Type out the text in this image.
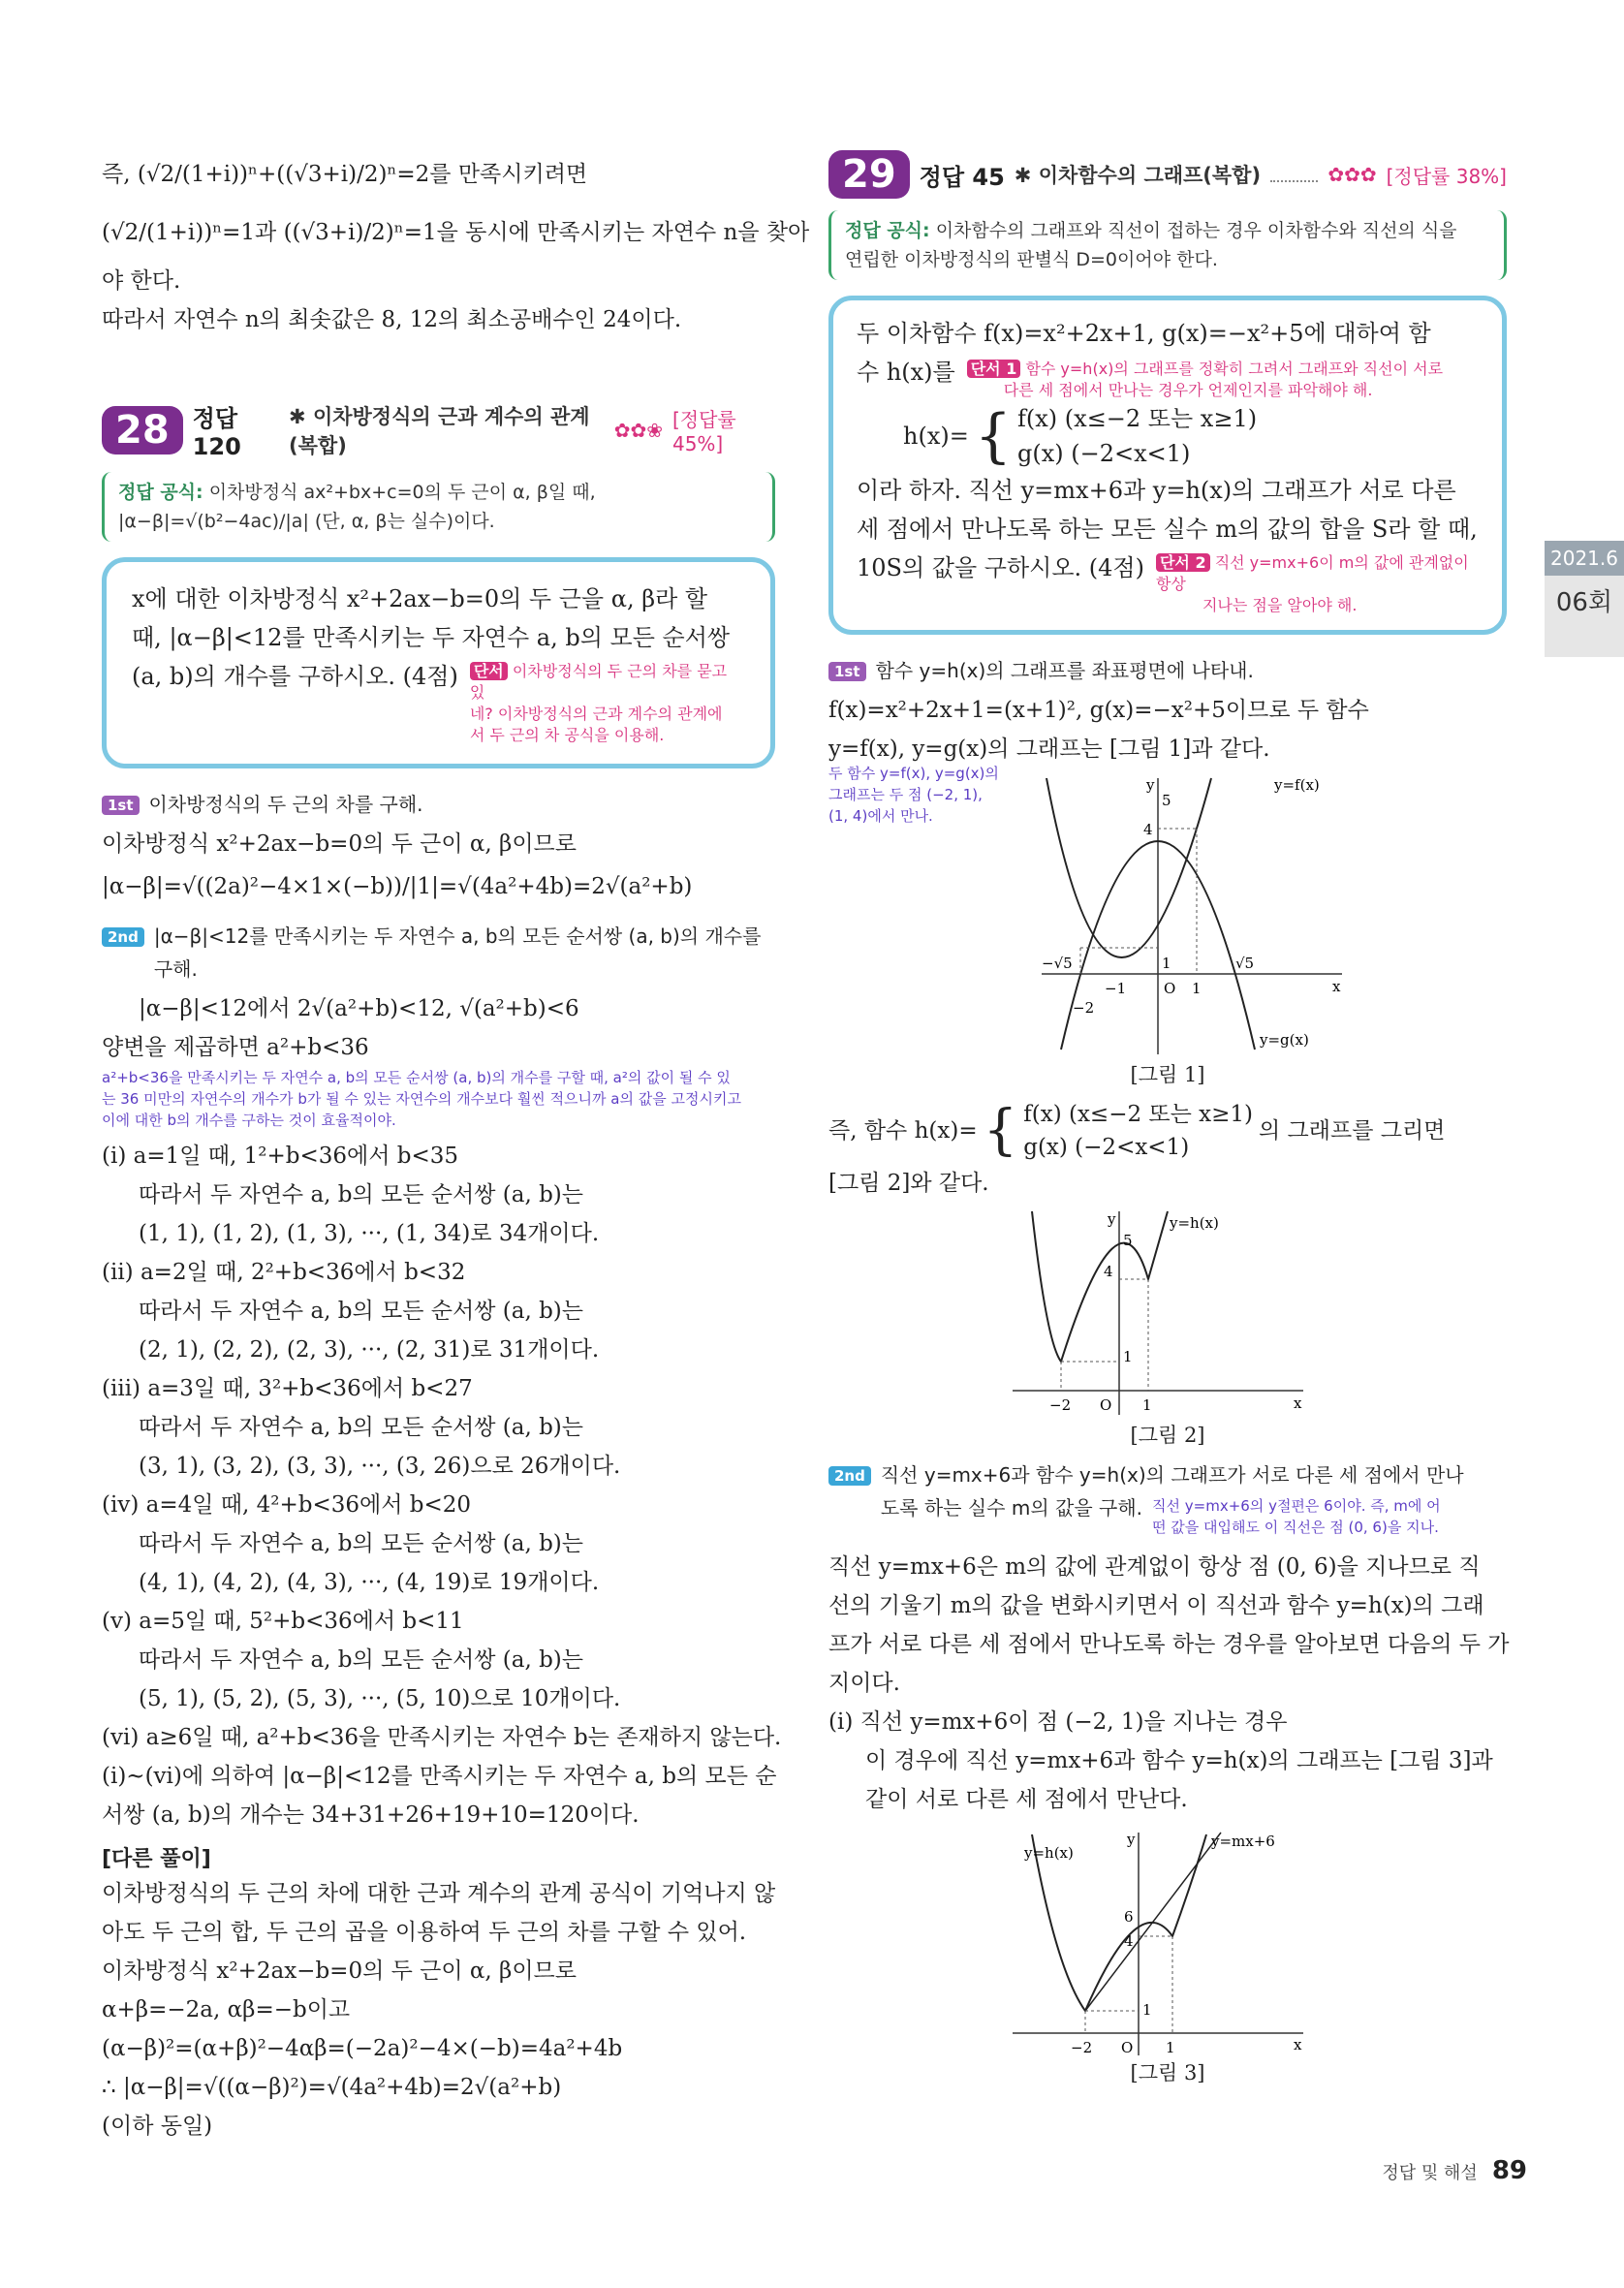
2021.6
06회
즉, (√2/(1+i))ⁿ+((√3+i)/2)ⁿ=2를 만족시키려면
(√2/(1+i))ⁿ=1과 ((√3+i)/2)ⁿ=1을 동시에 만족시키는 자연수 n을 찾아
야 한다.
따라서 자연수 n의 최솟값은 8, 12의 최소공배수인 24이다.
28	정답 120
✱ 이차방정식의 근과 계수의 관계(복합)
✿✿❀ [정답률 45%]
정답 공식: 이차방정식 ax²+bx+c=0의 두 근이 α, β일 때,
|α−β|=√(b²−4ac)/|a| (단, α, β는 실수)이다.
x에 대한 이차방정식 x²+2ax−b=0의 두 근을 α, β라 할
때, |α−β|<12를 만족시키는 두 자연수 a, b의 모든 순서쌍
(a, b)의 개수를 구하시오. (4점) 단서 이차방정식의 두 근의 차를 묻고 있
네? 이차방정식의 근과 계수의 관계에
서 두 근의 차 공식을 이용해.
1st 이차방정식의 두 근의 차를 구해.
이차방정식 x²+2ax−b=0의 두 근이 α, β이므로
|α−β|=√((2a)²−4×1×(−b))/|1|=√(4a²+4b)=2√(a²+b)
2nd |α−β|<12를 만족시키는 두 자연수 a, b의 모든 순서쌍 (a, b)의 개수를 구해.
|α−β|<12에서 2√(a²+b)<12, √(a²+b)<6
양변을 제곱하면 a²+b<36
a²+b<36을 만족시키는 두 자연수 a, b의 모든 순서쌍 (a, b)의 개수를 구할 때, a²의 값이 될 수 있
는 36 미만의 자연수의 개수가 b가 될 수 있는 자연수의 개수보다 훨씬 적으니까 a의 값을 고정시키고
이에 대한 b의 개수를 구하는 것이 효율적이야.
(ⅰ) a=1일 때, 1²+b<36에서 b<35
따라서 두 자연수 a, b의 모든 순서쌍 (a, b)는
(1, 1), (1, 2), (1, 3), ···, (1, 34)로 34개이다.
(ⅱ) a=2일 때, 2²+b<36에서 b<32
따라서 두 자연수 a, b의 모든 순서쌍 (a, b)는
(2, 1), (2, 2), (2, 3), ···, (2, 31)로 31개이다.
(ⅲ) a=3일 때, 3²+b<36에서 b<27
따라서 두 자연수 a, b의 모든 순서쌍 (a, b)는
(3, 1), (3, 2), (3, 3), ···, (3, 26)으로 26개이다.
(ⅳ) a=4일 때, 4²+b<36에서 b<20
따라서 두 자연수 a, b의 모든 순서쌍 (a, b)는
(4, 1), (4, 2), (4, 3), ···, (4, 19)로 19개이다.
(ⅴ) a=5일 때, 5²+b<36에서 b<11
따라서 두 자연수 a, b의 모든 순서쌍 (a, b)는
(5, 1), (5, 2), (5, 3), ···, (5, 10)으로 10개이다.
(ⅵ) a≥6일 때, a²+b<36을 만족시키는 자연수 b는 존재하지 않는다.
(ⅰ)~(ⅵ)에 의하여 |α−β|<12를 만족시키는 두 자연수 a, b의 모든 순
서쌍 (a, b)의 개수는 34+31+26+19+10=120이다.
[다른 풀이]
이차방정식의 두 근의 차에 대한 근과 계수의 관계 공식이 기억나지 않
아도 두 근의 합, 두 근의 곱을 이용하여 두 근의 차를 구할 수 있어.
이차방정식 x²+2ax−b=0의 두 근이 α, β이므로
α+β=−2a, αβ=−b이고
(α−β)²=(α+β)²−4αβ=(−2a)²−4×(−b)=4a²+4b
∴ |α−β|=√((α−β)²)=√(4a²+4b)=2√(a²+b)
(이하 동일)
29	정답 45 ✱ 이차함수의 그래프(복합)	✿✿✿ [정답률 38%]
정답 공식: 이차함수의 그래프와 직선이 접하는 경우 이차함수와 직선의 식을
연립한 이차방정식의 판별식 D=0이어야 한다.
두 이차함수 f(x)=x²+2x+1, g(x)=−x²+5에 대하여 함
수 h(x)를 단서 1 함수 y=h(x)의 그래프를 정확히 그려서 그래프와 직선이 서로
다른 세 점에서 만나는 경우가 언제인지를 파악해야 해.
h(x)= { f(x) (x≤−2 또는 x≥1)
g(x) (−2<x<1)
이라 하자. 직선 y=mx+6과 y=h(x)의 그래프가 서로 다른
세 점에서 만나도록 하는 모든 실수 m의 값의 합을 S라 할 때,
10S의 값을 구하시오. (4점) 단서 2 직선 y=mx+6이 m의 값에 관계없이 항상
지나는 점을 알아야 해.
1st 함수 y=h(x)의 그래프를 좌표평면에 나타내.
f(x)=x²+2x+1=(x+1)², g(x)=−x²+5이므로 두 함수
y=f(x), y=g(x)의 그래프는 [그림 1]과 같다.
두 함수 y=f(x), y=g(x)의
그래프는 두 점 (−2, 1),
(1, 4)에서 만나.
y=f(x)
y=g(x)
y
x
O
5
4
1
−1
−2
1
−√5	√5
[그림 1]
즉, 함수 h(x)= { f(x) (x≤−2 또는 x≥1)
g(x) (−2<x<1)
의 그래프를 그리면
[그림 2]와 같다.
y=h(x)
y
x
O
5
4
1
−2	1
[그림 2]
2nd 직선 y=mx+6과 함수 y=h(x)의 그래프가 서로 다른 세 점에서 만나
도록 하는 실수 m의 값을 구해. 직선 y=mx+6의 y절편은 6이야. 즉, m에 어
떤 값을 대입해도 이 직선은 점 (0, 6)을 지나.
직선 y=mx+6은 m의 값에 관계없이 항상 점 (0, 6)을 지나므로 직
선의 기울기 m의 값을 변화시키면서 이 직선과 함수 y=h(x)의 그래
프가 서로 다른 세 점에서 만나도록 하는 경우를 알아보면 다음의 두 가
지이다.
(ⅰ) 직선 y=mx+6이 점 (−2, 1)을 지나는 경우
이 경우에 직선 y=mx+6과 함수 y=h(x)의 그래프는 [그림 3]과
같이 서로 다른 세 점에서 만난다.
y=h(x)
y=mx+6
y
x
O
6
4
1
−2	1
[그림 3]
정답 및 해설 89
